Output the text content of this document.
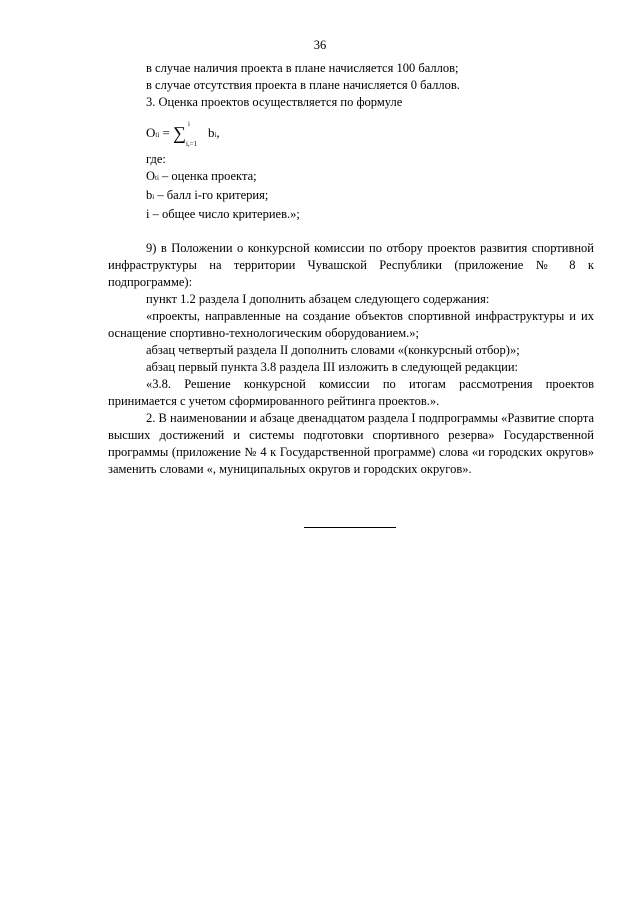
36

в случае наличия проекта в плане начисляется 100 баллов;

в случае отсутствия проекта в плане начисляется 0 баллов.

3. Оценка проектов осуществляется по формуле

Oti = ∑ i
i,=1
bi,

где:

Oti – оценка проекта;

bi – балл i-го критерия;

i – общее число критериев.»;

9) в Положении о конкурсной комиссии по отбору проектов развития спортивной инфраструктуры на территории Чувашской Республики (приложение № 8 к подпрограмме):

пункт 1.2 раздела I дополнить абзацем следующего содержания:

«проекты, направленные на создание объектов спортивной инфраструктуры и их оснащение спортивно-технологическим оборудованием.»;

абзац четвертый раздела II дополнить словами «(конкурсный отбор)»;

абзац первый пункта 3.8 раздела III изложить в следующей редакции:

«3.8. Решение конкурсной комиссии по итогам рассмотрения проектов принимается с учетом сформированного рейтинга проектов.».

2. В наименовании и абзаце двенадцатом раздела I подпрограммы «Развитие спорта высших достижений и системы подготовки спортивного резерва» Государственной программы (приложение № 4 к Государственной программе) слова «и городских округов» заменить словами «, муниципальных округов и городских округов».
